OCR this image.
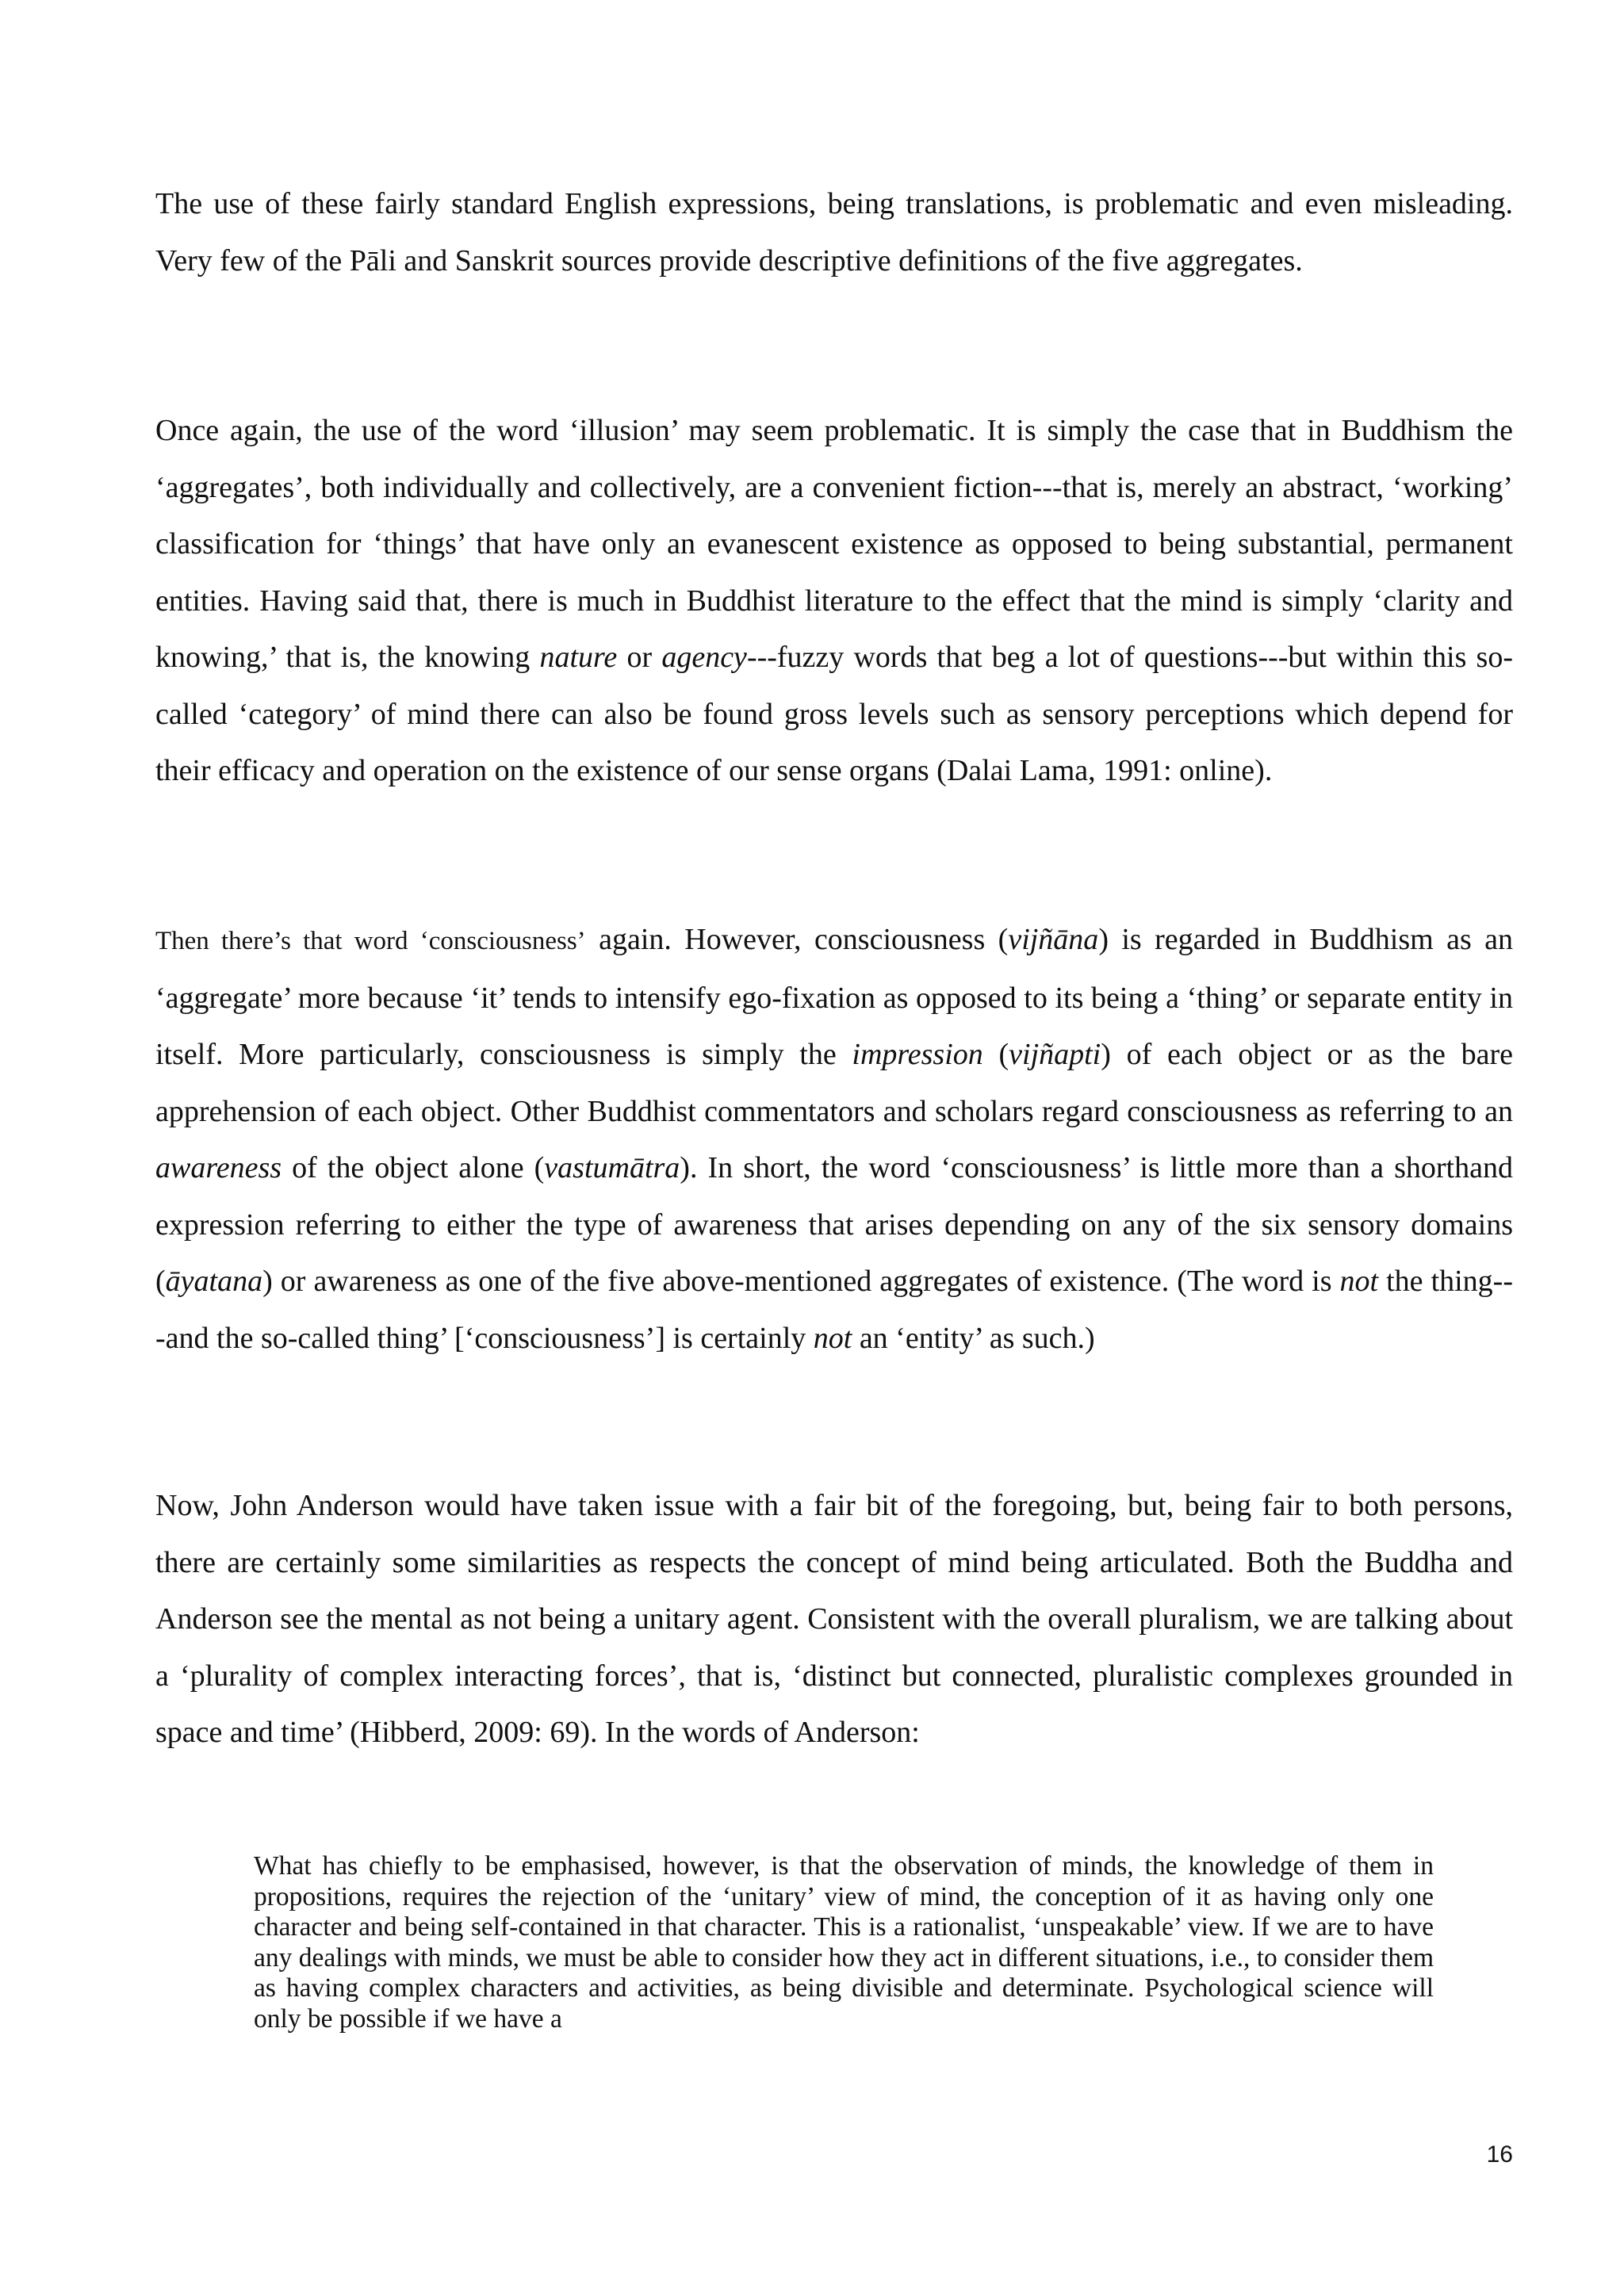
The use of these fairly standard English expressions, being translations, is problematic and even misleading. Very few of the Pāli and Sanskrit sources provide descriptive definitions of the five aggregates.

Once again, the use of the word ‘illusion’ may seem problematic. It is simply the case that in Buddhism the ‘aggregates’, both individually and collectively, are a convenient fiction---that is, merely an abstract, ‘working’ classification for ‘things’ that have only an evanescent existence as opposed to being substantial, permanent entities. Having said that, there is much in Buddhist literature to the effect that the mind is simply ‘clarity and knowing,’ that is, the knowing nature or agency---fuzzy words that beg a lot of questions---but within this so-called ‘category’ of mind there can also be found gross levels such as sensory perceptions which depend for their efficacy and operation on the existence of our sense organs (Dalai Lama, 1991: online).

Then there’s that word ‘consciousness’ again. However, consciousness (vijñāna) is regarded in Buddhism as an ‘aggregate’ more because ‘it’ tends to intensify ego-fixation as opposed to its being a ‘thing’ or separate entity in itself. More particularly, consciousness is simply the impression (vijñapti) of each object or as the bare apprehension of each object. Other Buddhist commentators and scholars regard consciousness as referring to an awareness of the object alone (vastumātra). In short, the word ‘consciousness’ is little more than a shorthand expression referring to either the type of awareness that arises depending on any of the six sensory domains (āyatana) or awareness as one of the five above-mentioned aggregates of existence. (The word is not the thing---and the so-called thing’ [‘consciousness’] is certainly not an ‘entity’ as such.)

Now, John Anderson would have taken issue with a fair bit of the foregoing, but, being fair to both persons, there are certainly some similarities as respects the concept of mind being articulated. Both the Buddha and Anderson see the mental as not being a unitary agent. Consistent with the overall pluralism, we are talking about a ‘plurality of complex interacting forces’, that is, ‘distinct but connected, pluralistic complexes grounded in space and time’ (Hibberd, 2009: 69). In the words of Anderson:

What has chiefly to be emphasised, however, is that the observation of minds, the knowledge of them in propositions, requires the rejection of the ‘unitary’ view of mind, the conception of it as having only one character and being self-contained in that character. This is a rationalist, ‘unspeakable’ view. If we are to have any dealings with minds, we must be able to consider how they act in different situations, i.e., to consider them as having complex characters and activities, as being divisible and determinate. Psychological science will only be possible if we have a

16
